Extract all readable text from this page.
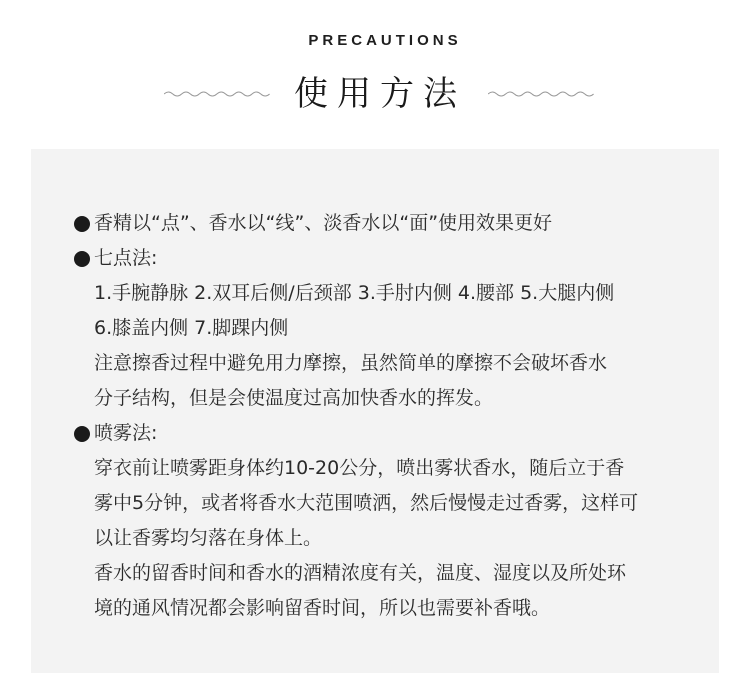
PRECAUTIONS
使用方法
香精以“点”、香水以“线”、淡香水以“面”使用效果更好
七点法:
1.手腕静脉 2.双耳后侧/后颈部 3.手肘内侧 4.腰部 5.大腿内侧
6.膝盖内侧 7.脚踝内侧
注意擦香过程中避免用力摩擦，虽然简单的摩擦不会破坏香水
分子结构，但是会使温度过高加快香水的挥发。
喷雾法:
穿衣前让喷雾距身体约10-20公分，喷出雾状香水，随后立于香
雾中5分钟，或者将香水大范围喷洒，然后慢慢走过香雾，这样可
以让香雾均匀落在身体上。
香水的留香时间和香水的酒精浓度有关，温度、湿度以及所处环
境的通风情况都会影响留香时间，所以也需要补香哦。
